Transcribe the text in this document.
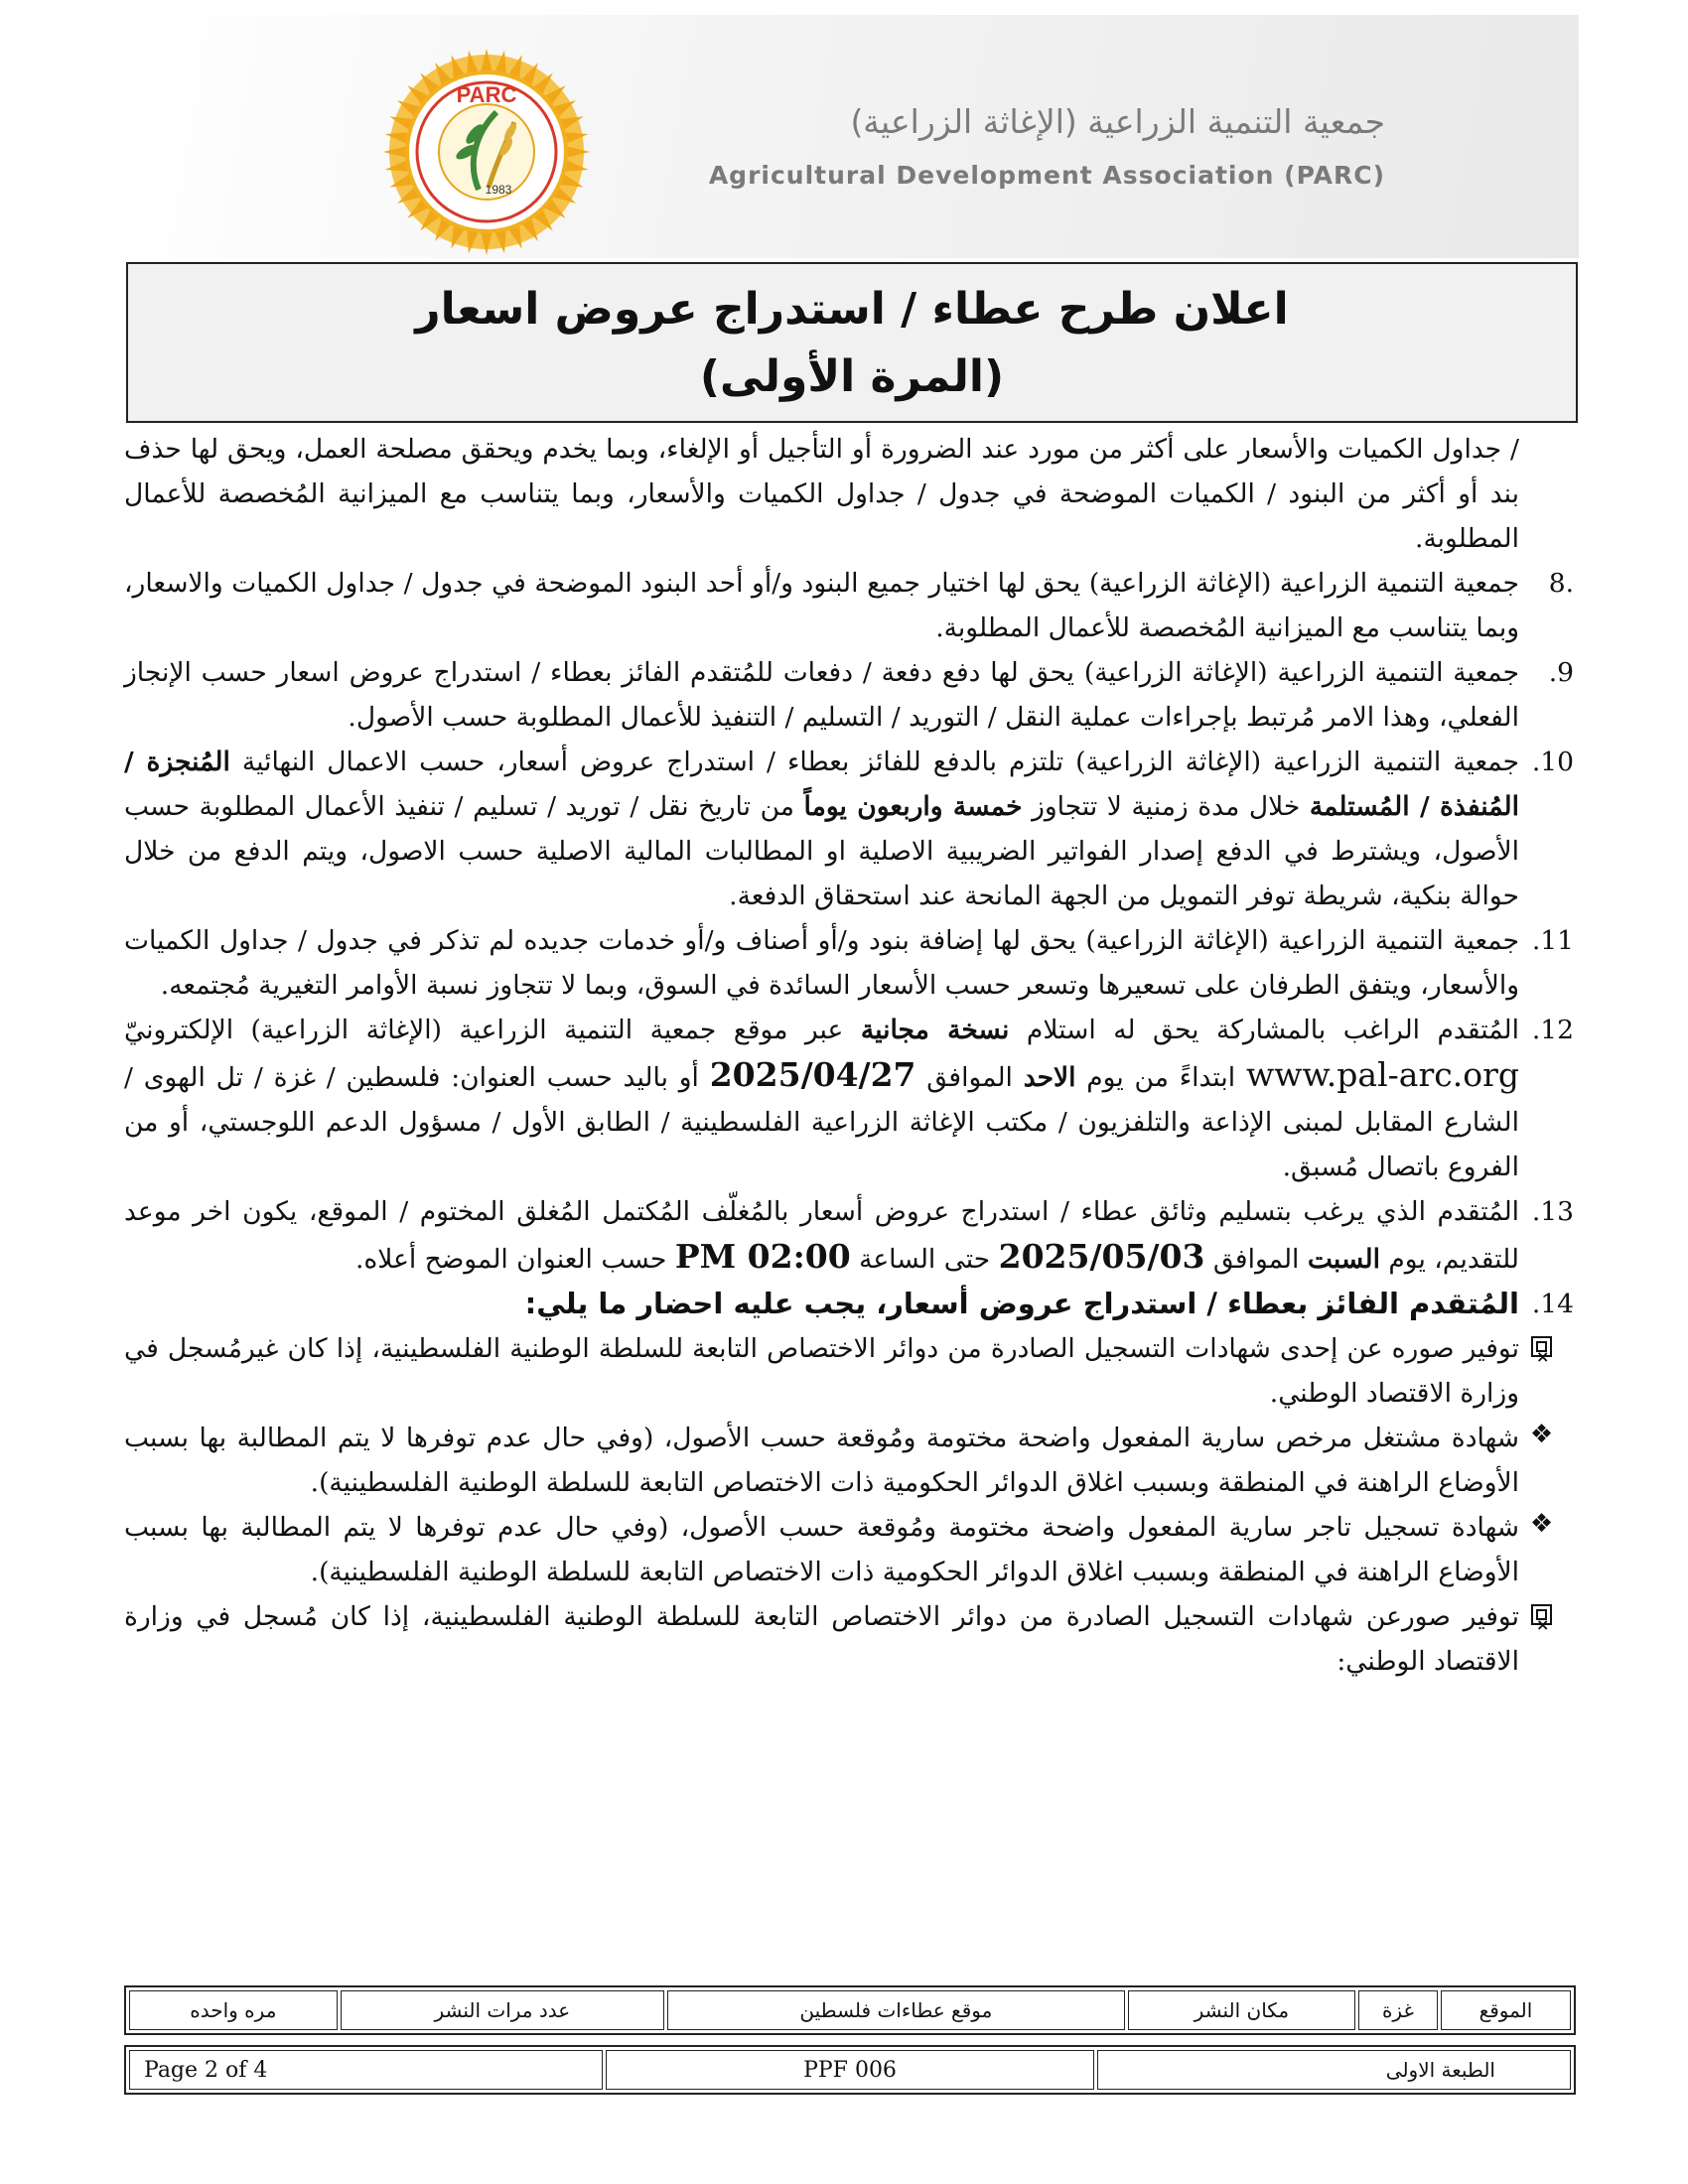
PARC
1983
جمعية التنمية الزراعية (الإغاثة الزراعية)
Agricultural Development Association (PARC)
اعلان طرح عطاء / استدراج عروض اسعار
(المرة الأولى)
/ جداول الكميات والأسعار على أكثر من مورد عند الضرورة أو التأجيل أو الإلغاء، وبما يخدم ويحقق مصلحة العمل، ويحق لها حذف بند أو أكثر من البنود / الكميات الموضحة في جدول / جداول الكميات والأسعار، وبما يتناسب مع الميزانية المُخصصة للأعمال المطلوبة.
8.
جمعية التنمية الزراعية (الإغاثة الزراعية) يحق لها اختيار جميع البنود و/أو أحد البنود الموضحة في جدول / جداول الكميات والاسعار، وبما يتناسب مع الميزانية المُخصصة للأعمال المطلوبة.
.9
جمعية التنمية الزراعية (الإغاثة الزراعية) يحق لها دفع دفعة / دفعات للمُتقدم الفائز بعطاء / استدراج عروض اسعار حسب الإنجاز الفعلي، وهذا الامر مُرتبط بإجراءات عملية النقل / التوريد / التسليم / التنفيذ للأعمال المطلوبة حسب الأصول.
.10
جمعية التنمية الزراعية (الإغاثة الزراعية) تلتزم بالدفع للفائز بعطاء / استدراج عروض أسعار، حسب الاعمال النهائية المُنجزة / المُنفذة / المُستلمة خلال مدة زمنية لا تتجاوز خمسة واربعون يوماً من تاريخ نقل / توريد / تسليم / تنفيذ الأعمال المطلوبة حسب الأصول، ويشترط في الدفع إصدار الفواتير الضريبية الاصلية او المطالبات المالية الاصلية حسب الاصول، ويتم الدفع من خلال حوالة بنكية، شريطة توفر التمويل من الجهة المانحة عند استحقاق الدفعة.
.11
جمعية التنمية الزراعية (الإغاثة الزراعية) يحق لها إضافة بنود و/أو أصناف و/أو خدمات جديده لم تذكر في جدول / جداول الكميات والأسعار، ويتفق الطرفان على تسعيرها وتسعر حسب الأسعار السائدة في السوق، وبما لا تتجاوز نسبة الأوامر التغيرية مُجتمعه.
.12
المُتقدم الراغب بالمشاركة يحق له استلام نسخة مجانية عبر موقع جمعية التنمية الزراعية (الإغاثة الزراعية) الإلكترونيّ www.pal-arc.org ابتداءً من يوم الاحد الموافق 2025/04/27 أو باليد حسب العنوان: فلسطين / غزة / تل الهوى / الشارع المقابل لمبنى الإذاعة والتلفزيون / مكتب الإغاثة الزراعية الفلسطينية / الطابق الأول / مسؤول الدعم اللوجستي، أو من الفروع باتصال مُسبق.
.13
المُتقدم الذي يرغب بتسليم وثائق عطاء / استدراج عروض أسعار بالمُغلّف المُكتمل المُغلق المختوم / الموقع، يكون اخر موعد للتقديم، يوم السبت الموافق 2025/05/03 حتى الساعة 02:00 PM حسب العنوان الموضح أعلاه.
.14
المُتقدم الفائز بعطاء / استدراج عروض أسعار، يجب عليه احضار ما يلي:
×
توفير صوره عن إحدى شهادات التسجيل الصادرة من دوائر الاختصاص التابعة للسلطة الوطنية الفلسطينية، إذا كان غيرمُسجل في وزارة الاقتصاد الوطني.
❖
شهادة مشتغل مرخص سارية المفعول واضحة مختومة ومُوقعة حسب الأصول، (وفي حال عدم توفرها لا يتم المطالبة بها بسبب الأوضاع الراهنة في المنطقة وبسبب اغلاق الدوائر الحكومية ذات الاختصاص التابعة للسلطة الوطنية الفلسطينية).
❖
شهادة تسجيل تاجر سارية المفعول واضحة مختومة ومُوقعة حسب الأصول، (وفي حال عدم توفرها لا يتم المطالبة بها بسبب الأوضاع الراهنة في المنطقة وبسبب اغلاق الدوائر الحكومية ذات الاختصاص التابعة للسلطة الوطنية الفلسطينية).
×
توفير صورعن شهادات التسجيل الصادرة من دوائر الاختصاص التابعة للسلطة الوطنية الفلسطينية، إذا كان مُسجل في وزارة الاقتصاد الوطني:
الموقع	غزة	مكان النشر	موقع عطاءات فلسطين	عدد مرات النشر	مره واحده
الطبعة الاولى	PPF 006	Page 2 of 4
